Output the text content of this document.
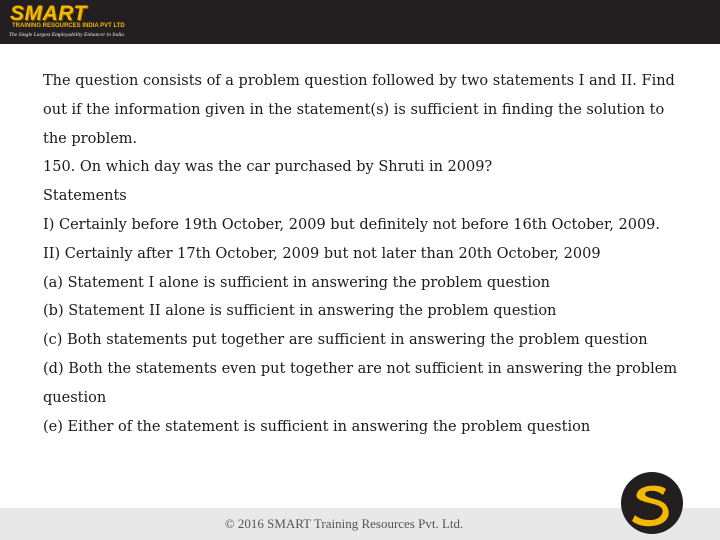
SMART
TRAINING RESOURCES INDIA PVT LTD
The Single Largest Employability Enhancer in India

The question consists of a problem question followed by two statements I and II. Find

out if the information given in the statement(s) is sufficient in finding the solution to

the problem.

150. On which day was the car purchased by Shruti in 2009?

Statements

I) Certainly before 19th October, 2009 but definitely not before 16th October, 2009.

II) Certainly after 17th October, 2009 but not later than 20th October, 2009

(a) Statement I alone is sufficient in answering the problem question

(b) Statement II alone is sufficient in answering the problem question

(c) Both statements put together are sufficient in answering the problem question

(d) Both the statements even put together are not sufficient in answering the problem

question

(e) Either of the statement is sufficient in answering the problem question

© 2016 SMART Training Resources Pvt. Ltd.
